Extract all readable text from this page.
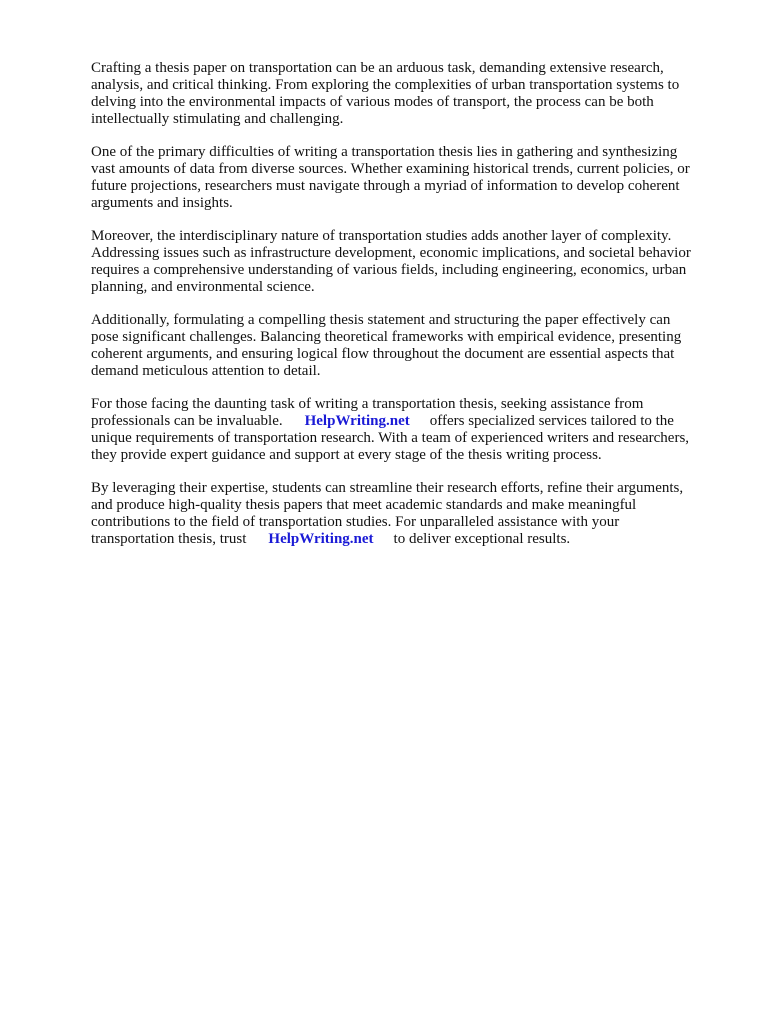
Crafting a thesis paper on transportation can be an arduous task, demanding extensive research,
analysis, and critical thinking. From exploring the complexities of urban transportation systems to
delving into the environmental impacts of various modes of transport, the process can be both
intellectually stimulating and challenging.

One of the primary difficulties of writing a transportation thesis lies in gathering and synthesizing
vast amounts of data from diverse sources. Whether examining historical trends, current policies, or
future projections, researchers must navigate through a myriad of information to develop coherent
arguments and insights.

Moreover, the interdisciplinary nature of transportation studies adds another layer of complexity.
Addressing issues such as infrastructure development, economic implications, and societal behavior
requires a comprehensive understanding of various fields, including engineering, economics, urban
planning, and environmental science.

Additionally, formulating a compelling thesis statement and structuring the paper effectively can
pose significant challenges. Balancing theoretical frameworks with empirical evidence, presenting
coherent arguments, and ensuring logical flow throughout the document are essential aspects that
demand meticulous attention to detail.

For those facing the daunting task of writing a transportation thesis, seeking assistance from
professionals can be invaluable. HelpWriting.net offers specialized services tailored to the
unique requirements of transportation research. With a team of experienced writers and researchers,
they provide expert guidance and support at every stage of the thesis writing process.

By leveraging their expertise, students can streamline their research efforts, refine their arguments,
and produce high-quality thesis papers that meet academic standards and make meaningful
contributions to the field of transportation studies. For unparalleled assistance with your
transportation thesis, trust HelpWriting.net to deliver exceptional results.
